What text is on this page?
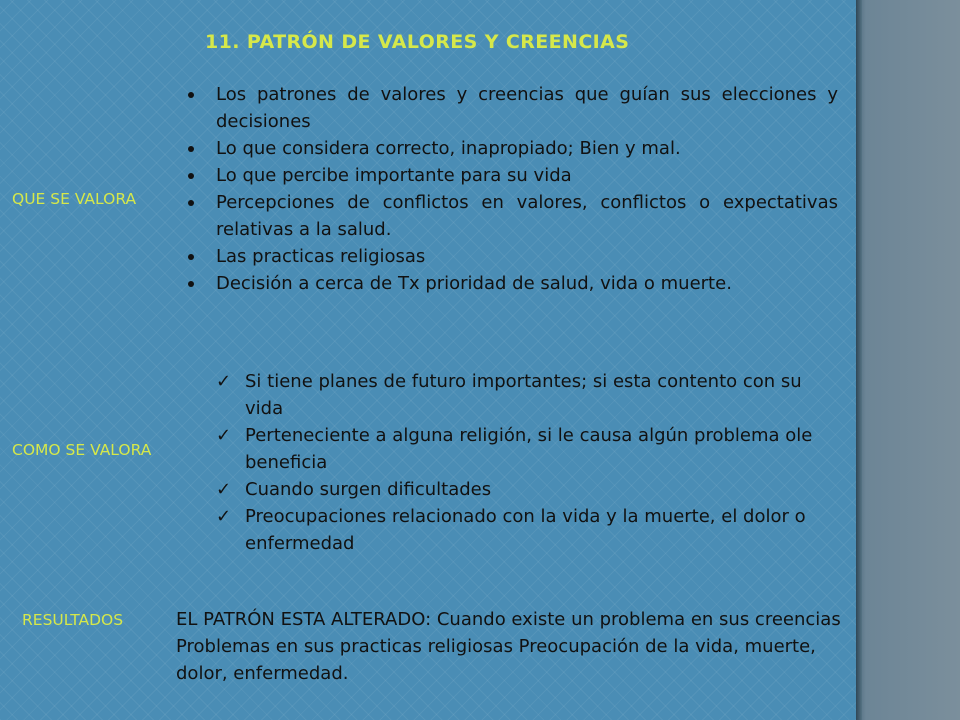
11. PATRÓN DE VALORES Y CREENCIAS
QUE SE VALORA
Los patrones de valores y creencias que guían sus elecciones y decisiones
Lo que considera correcto, inapropiado; Bien y mal.
Lo que percibe importante para su vida
Percepciones de conflictos en valores, conflictos o expectativas relativas a la salud.
Las practicas religiosas
Decisión a cerca de Tx prioridad de salud, vida o muerte.
COMO SE VALORA
✓ Si tiene planes de futuro importantes; si esta contento con su vida
✓ Perteneciente a alguna religión, si le causa algún problema ole beneficia
✓ Cuando surgen dificultades
✓ Preocupaciones relacionado con la vida y la muerte, el dolor o enfermedad
RESULTADOS	EL PATRÓN ESTA ALTERADO: Cuando existe un problema en sus creencias Problemas en sus practicas religiosas Preocupación de la vida, muerte, dolor, enfermedad.
